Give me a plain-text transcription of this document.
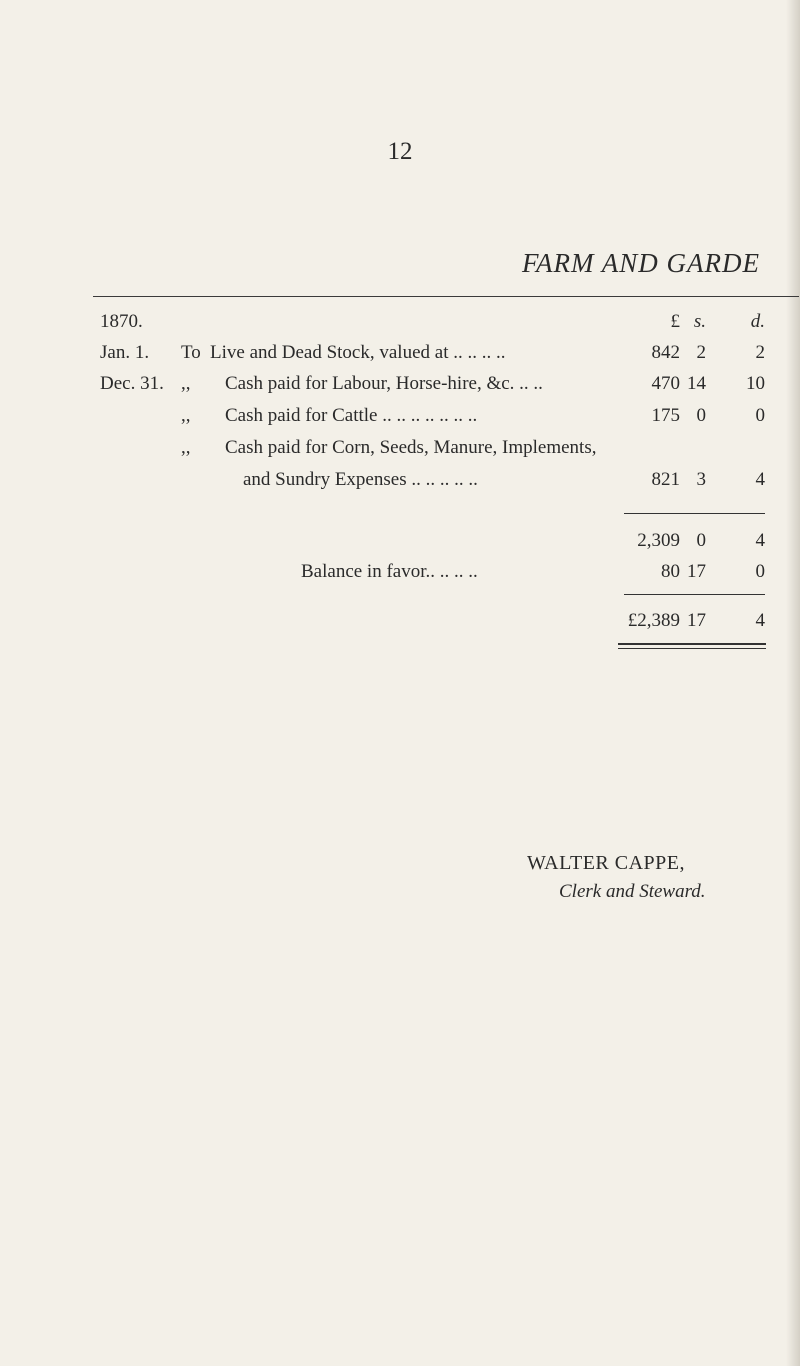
12
FARM AND GARDE
1870.	£ s.	d.
Jan. 1. To Live and Dead Stock, valued at .. .. .. ..	842 2	2
Dec. 31. ,, Cash paid for Labour, Horse-hire, &c. .. ..	470 14	10
,, Cash paid for Cattle .. .. .. .. .. .. ..	175 0	0
,, Cash paid for Corn, Seeds, Manure, Implements,
and Sundry Expenses .. .. .. .. ..	821 3	4
2,309 0	4
Balance in favor.. .. .. ..	80 17	0
£2,389 17	4
WALTER CAPPE,
Clerk and Steward.
